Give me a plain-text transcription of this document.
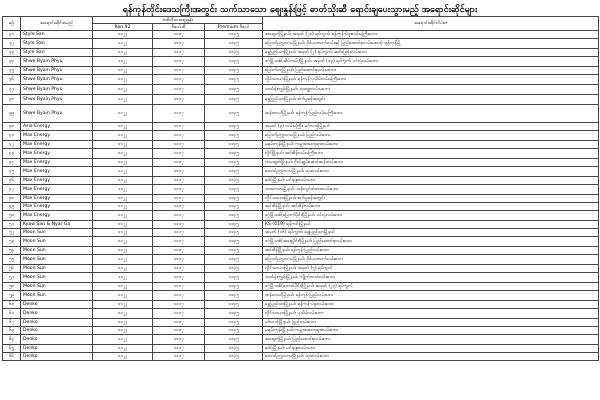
ရန်ကုန်တိုင်းဒေသကြီးအတွင်း သက်သာသော ဈေးနှုန်းဖြင့် ဓာတ်သိုးဆီ ရောင်းချပေးသွားမည့် အရောင်းဆိုင်များ
စဉ်	အရောင်းဆိုင်အမည်	တစ်လီတာဈေးနှုန်း			အရောင်းဆိုင်လိပ်စာ
		Ron 92	ဒီဇယ်ဆီ	Premium ဒီဇယ်	
၃၁	Style San	၁၁၂၂	၁၁၁၇	၁၁၄၅	အရှေ့ဒဂုံမြို့နယ်၊ အမှတ် (၂၀) ရပ်ကွက်၊ ရန်ကုန်-ပဲခူးလမ်းမကြီးဘေး
၃၂	Style San	၁၁၂၂	၁၁၁၇	၁၁၄၅	မြောက်ဥက္ကလာပမြို့နယ်၊ ဝိုင်ယာလက်လမ်းနှင့် ပြည်ထောင်စုလမ်းထောင့်၊ ရန်ကုန်မြို့
၃၃	Style San	၁၁၂၂	၁၁၁၇	၁၁၄၅	ရွှေပြည်သာမြို့နယ်၊ အမှတ် (၂) ရပ်ကွက်၊ ဆင်ခြေဖုံးလမ်းဘေး
၃၄	Shwe Byain Phyu	၁၁၂၂	၁၁၁၇	၁၁၄၅	ဒဂုံမြို့သစ်(ဆိပ်ကမ်း)မြို့နယ်၊ အမှတ် (၁၄) ရပ်ကွက်၊ ပင်လုံလမ်းဘေး
၃၅	Shwe Byain Phyu	၁၁၂၂	၁၁၁၇	၁၁၄၅	မြောက်ဒဂုံမြို့နယ်၊ ပြည်ထောင်စုလမ်းမဘေး
၃၆	Shwe Byain Phyu	၁၁၂၂	၁၁၁၇	၁၁၄၅	လှိုင်သာယာမြို့နယ်၊ ရန်ကုန်-ပုသိမ်လမ်းမကြီးဘေး
၃၇	Shwe Byain Phyu	၁၁၂၂	၁၁၁၇	၁၁၄၅	သင်္ဃန်းကျွန်းမြို့နယ်၊ သုဝဏ္ဏလမ်းမဘေး
၃၈	Shwe Byain Phyu	၁၁၂၂	၁၁၁၇	၁၁၄၅	ရွှေပြည်သာမြို့နယ်၊ စက်မှုဇုန်အတွင်း
၃၉	Shwe Byain Phyu	၁၁၂၂	၁၁၁၇	၁၁၄၅	ထန်းတပင်မြို့နယ်၊ ရန်ကုန်-ပြည်လမ်းမကြီးဘေး
၄၀	Asia Energy	၁၁၂၂	၁၁၁၇	၁၁၄၅	အမှတ် (၃) လမ်းမကြီး၊ မင်္ဂလာဒုံမြို့နယ်
၄၁	Max Energy	၁၁၂၂	၁၁၁၇	၁၁၄၅	မြောက်ဥက္ကလာပမြို့နယ်၊ ပြည်လမ်းဘေး
၄၂	Max Energy	၁၁၂၂	၁၁၁၇	၁၁၄၅	မရမ်းကုန်းမြို့နယ်၊ ကမ္ဘာအေးဘုရားလမ်းဘေး
၄၃	Max Energy	၁၁၂၂	၁၁၁၇	၁၁၄၅	လှိုင်မြို့နယ်၊ အင်းစိန်လမ်းမကြီးဘေး
၄၄	Max Energy	၁၁၂၂	၁၁၁၇	၁၁၄၅	ကမာရွတ်မြို့နယ်၊ ဗိုလ်ချုပ်အောင်ဆန်းလမ်းဘေး
၄၅	Max Energy	၁၁၂၂	၁၁၁၇	၁၁၄၅	တောင်ဥက္ကလာပမြို့နယ်၊ သုခလမ်းဘေး
၄၆	Max Energy	၁၁၂၂	၁၁၁၇	၁၁၄၅	ဒေါပုံမြို့နယ်၊ မင်းနန္ဒာလမ်းဘေး
၄၇	Max Energy	၁၁၂၂	၁၁၁၇	၁၁၄၅	သာကေတမြို့နယ်၊ သန်လျင်တံတားလမ်းဘေး
၄၈	Max Energy	၁၁၂၂	၁၁၁၇	၁၁၄၅	လှိုင်သာယာမြို့နယ်၊ စက်မှုဇုန်အတွင်း
၄၉	Max Energy	၁၁၂၂	၁၁၁၇	၁၁၄၅	အင်းစိန်မြို့နယ်၊ အင်းစိန်လမ်းဘေး
၅၀	Max Energy	၁၁၂၂	၁၁၁၇	၁၁၄၅	ဒဂုံမြို့သစ်(မြောက်ပိုင်း)မြို့နယ်၊ ပင်လုံလမ်းဘေး
၅၁	Kyaw San & Nyar Ga	၁၁၂၂	၁၁၁၇	၁၁၄၅	KS (019) ရန်ကင်းမြို့နယ်
၅၂	Moon Sun	၁၁၂၂	၁၁၁၇	၁၁၄၅	အမှတ် (၁၆) ရပ်ကွက်၊ ရွှေပြည်သာမြို့နယ်
၅၃	Moon Sun	၁၁၂၂	၁၁၁၇	၁၁၄၅	ဒဂုံမြို့သစ်(အရှေ့ပိုင်း)မြို့နယ်၊ ပြည်ထောင်စုလမ်းဘေး
၅၄	Moon Sun	၁၁၂၂	၁၁၁၇	၁၁၄၅	အင်းစိန်မြို့နယ်၊ ရန်ကုန်-ပြည်လမ်းဘေး
၅၅	Moon Sun	၁၁၂၂	၁၁၁၇	၁၁၄၅	မြောက်ဥက္ကလာပမြို့နယ်၊ ဝိုင်ယာလက်လမ်းဘေး
၅၆	Moon Sun	၁၁၂၂	၁၁၁၇	၁၁၄၅	လှိုင်သာယာမြို့နယ်၊ အမှတ် (၅) ရပ်ကွက်
၅၇	Moon Sun	၁၁၂၂	၁၁၁၇	၁၁၄၅	သင်္ဃန်းကျွန်းမြို့နယ်၊ ကျိုက်ကသံလမ်းဘေး
၅၈	Moon Sun	၁၁၂၂	၁၁၁၇	၁၁၄၅	ဒဂုံမြို့သစ်(တောင်ပိုင်း)မြို့နယ်၊ အမှတ် (၂၃) ရပ်ကွက်
၅၉	Moon Sun	၁၁၂၂	၁၁၁၇	၁၁၄၅	ထန်းတပင်မြို့နယ်၊ ရန်ကုန်-ပြည်လမ်းဘေး
၆၀	Denko	၁၁၂၂	၁၁၁၇	၁၁၄၅	ရွှေပြည်သာမြို့နယ်၊ ရန်ကုန်-ပဲခူးလမ်းဘေး
၆၁	Denko	၁၁၂၂	၁၁၁၇	၁၁၄၅	လှိုင်သာယာမြို့နယ်၊ ပုသိမ်လမ်းဘေး
၆၂	Denko	၁၁၂၂	၁၁၁၇	၁၁၄၅	မင်္ဂလာဒုံမြို့နယ်၊ ပြည်လမ်းဘေး
၆၃	Denko	၁၁၂၂	၁၁၁၇	၁၁၄၅	မရမ်းကုန်းမြို့နယ်၊ ကမ္ဘာအေးဘုရားလမ်းဘေး
၆၄	Denko	၁၁၂၂	၁၁၁၇	၁၁၄၅	အရှေ့ဒဂုံမြို့နယ်၊ ပြည်ထောင်စုလမ်းဘေး
၆၅	Denko	၁၁၂၂	၁၁၁၇	၁၁၄၅	ဒေါပုံမြို့နယ်၊ မင်းနန္ဒာလမ်းဘေး
၆၆	Denko	၁၁၂၂	၁၁၁၇	၁၁၄၅	တောင်ဥက္ကလာပမြို့နယ်၊ သုခလမ်းဘေး
